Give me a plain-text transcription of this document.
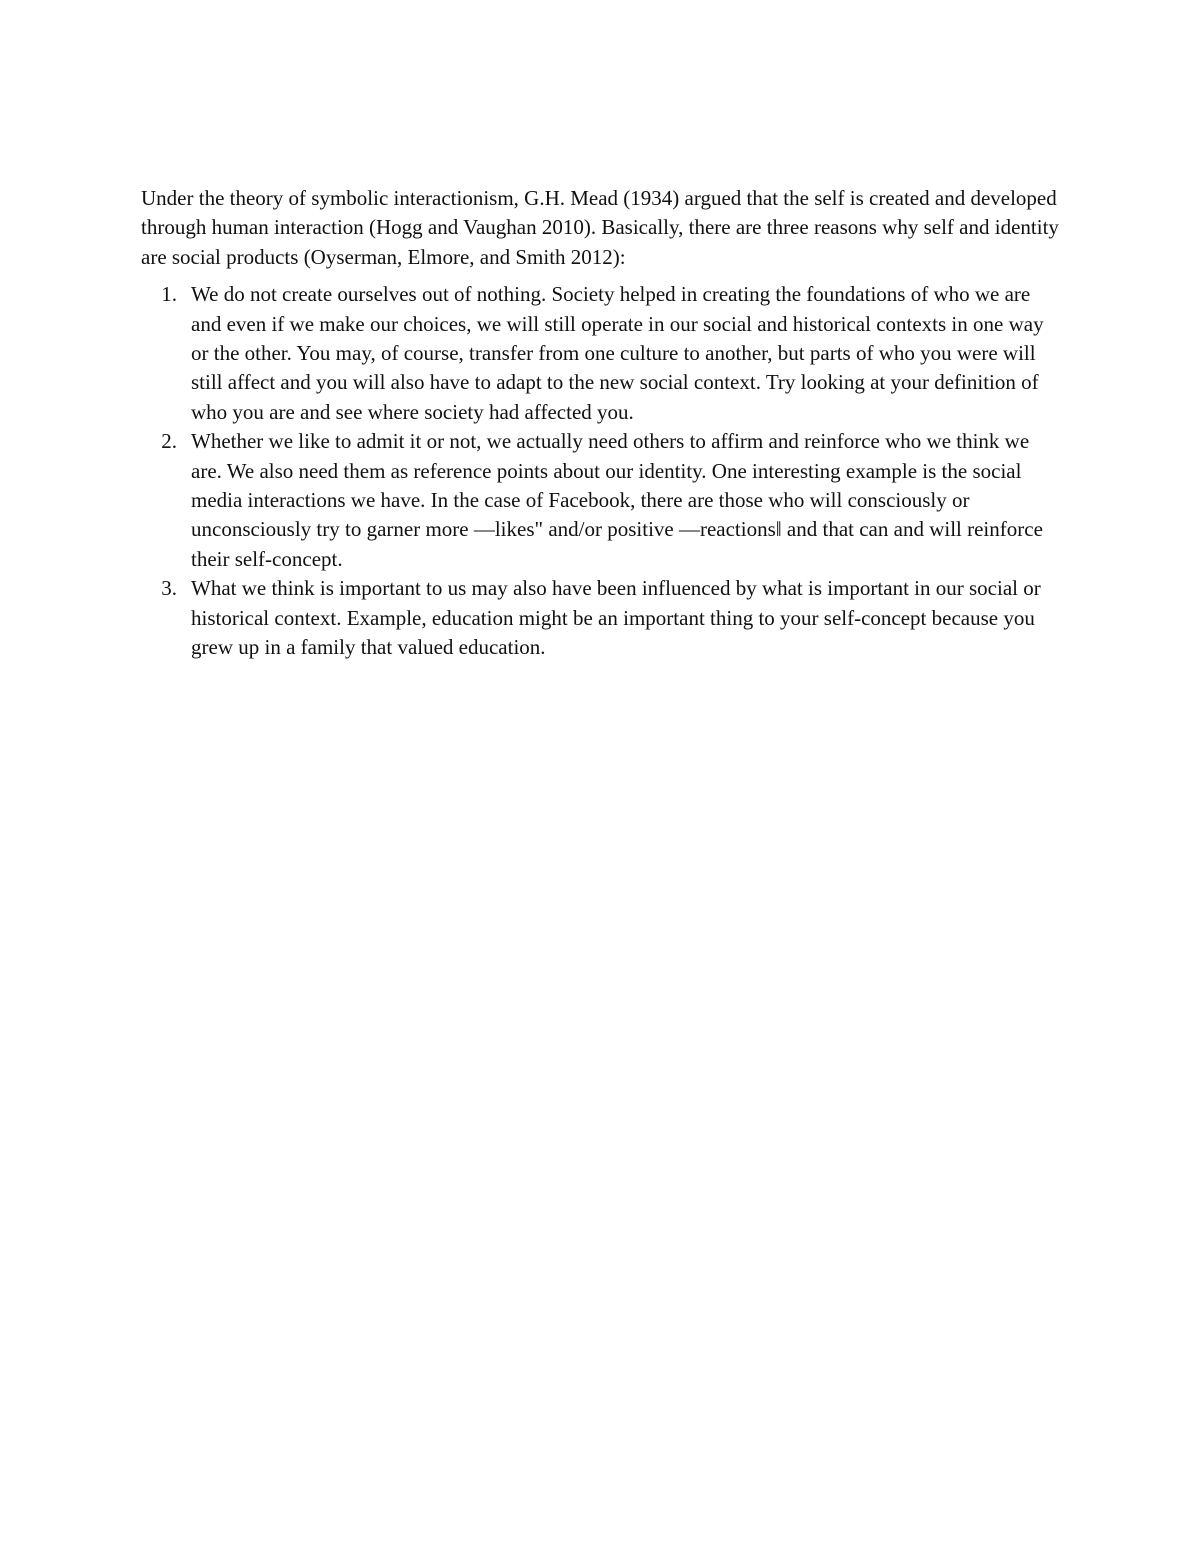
Under the theory of symbolic interactionism, G.H. Mead (1934) argued that the self is created and developed through human interaction (Hogg and Vaughan 2010). Basically, there are three reasons why self and identity are social products (Oyserman, Elmore, and Smith 2012):

1. We do not create ourselves out of nothing. Society helped in creating the foundations of who we are and even if we make our choices, we will still operate in our social and historical contexts in one way or the other. You may, of course, transfer from one culture to another, but parts of who you were will still affect and you will also have to adapt to the new social context. Try looking at your definition of who you are and see where society had affected you.
2. Whether we like to admit it or not, we actually need others to affirm and reinforce who we think we are. We also need them as reference points about our identity. One interesting example is the social media interactions we have. In the case of Facebook, there are those who will consciously or unconsciously try to garner more ―likes" and/or positive ―reactions‖ and that can and will reinforce their self-concept.
3. What we think is important to us may also have been influenced by what is important in our social or historical context. Example, education might be an important thing to your self-concept because you grew up in a family that valued education.
